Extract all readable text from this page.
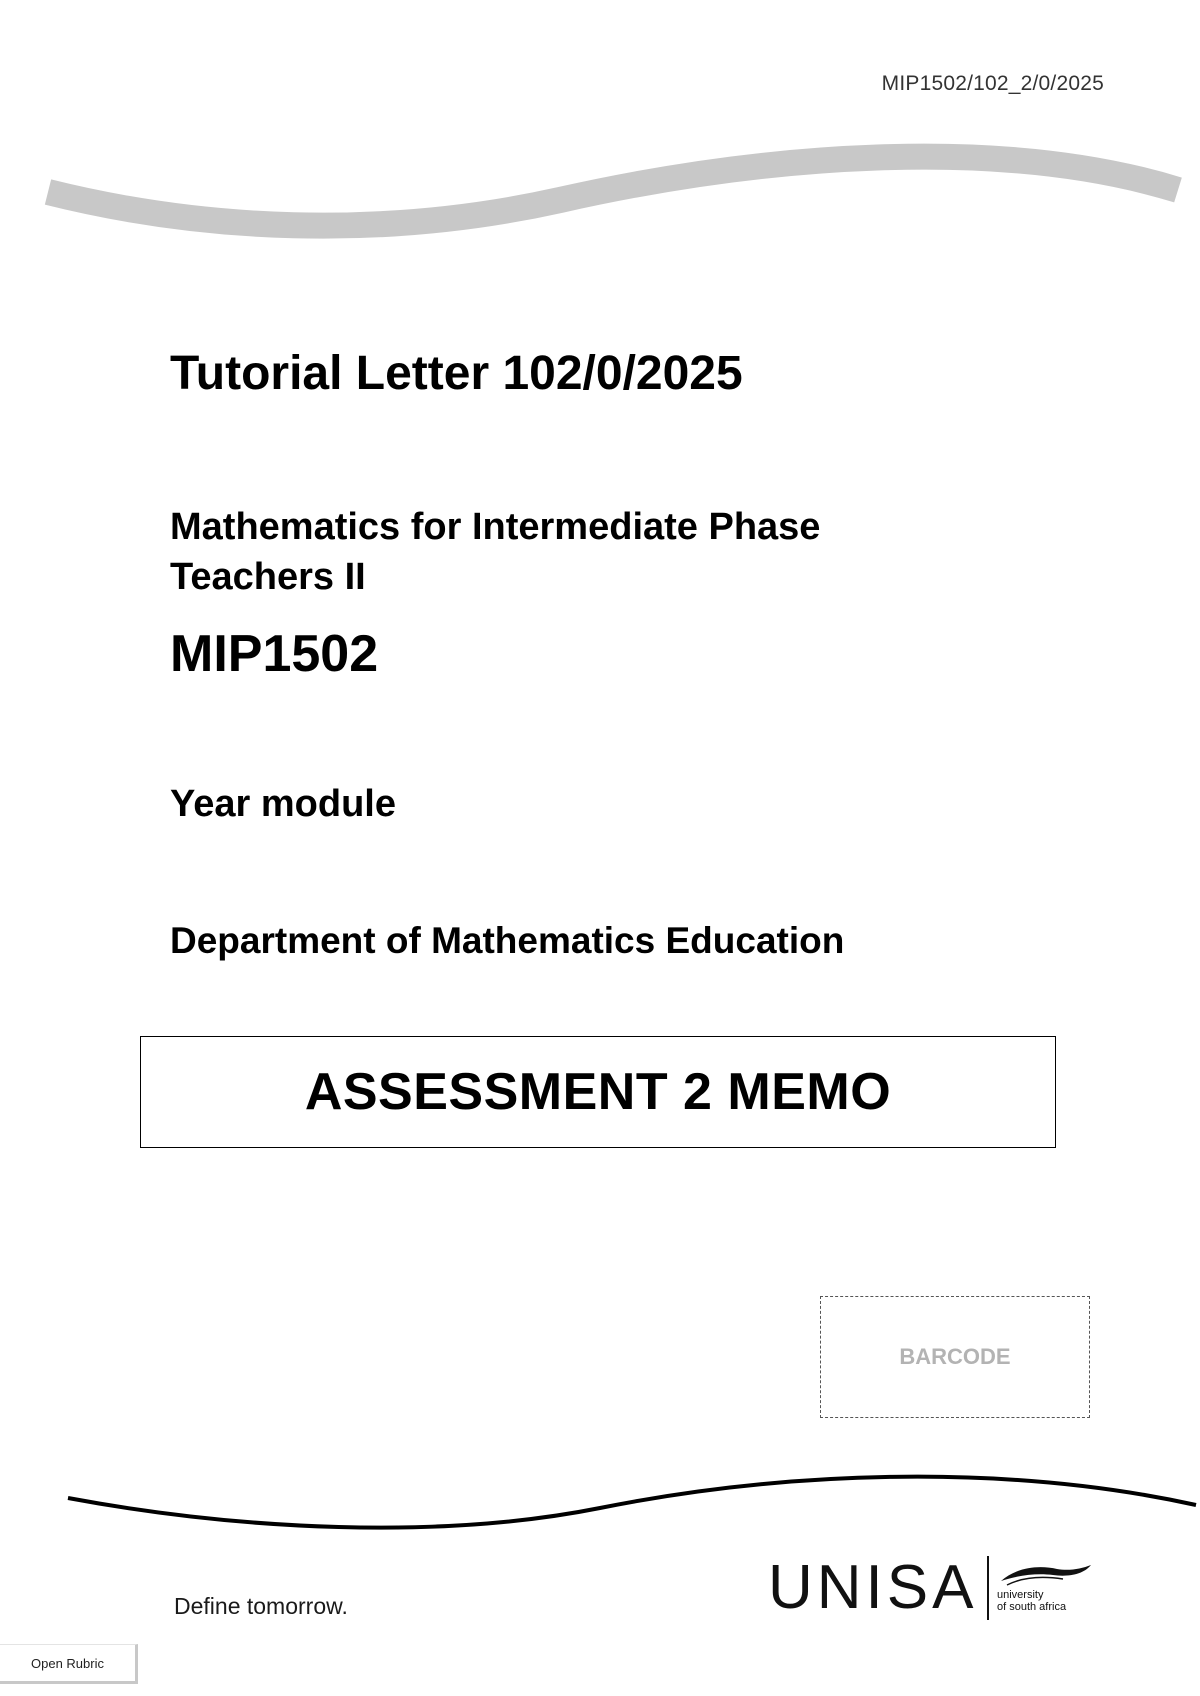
MIP1502/102_2/0/2025
Tutorial Letter 102/0/2025
Mathematics for Intermediate Phase Teachers II
MIP1502
Year module
Department of Mathematics Education
ASSESSMENT 2 MEMO
BARCODE
Define tomorrow.	UNISA university
of south africa
Open Rubric
